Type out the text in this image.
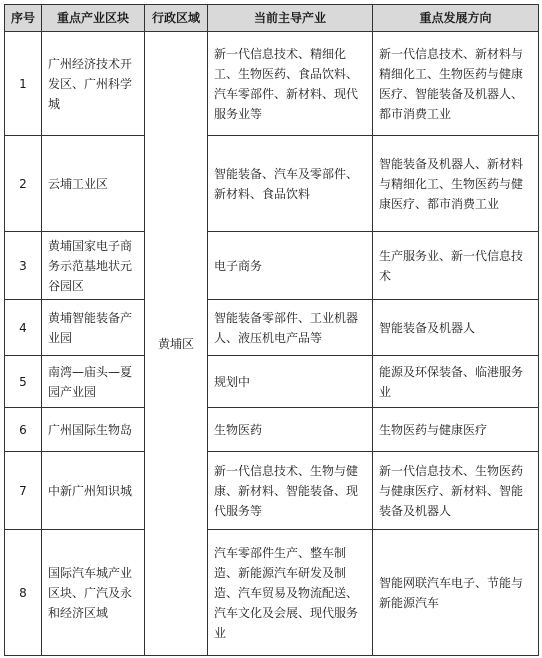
序号	重点产业区块	行政区域	当前主导产业	重点发展方向
1	广州经济技术开发区、广州科学城	黄埔区	新一代信息技术、精细化工、生物医药、食品饮料、汽车零部件、新材料、现代服务业等	新一代信息技术、新材料与精细化工、生物医药与健康医疗、智能装备及机器人、都市消费工业
2	云埔工业区		智能装备、汽车及零部件、新材料、食品饮料	智能装备及机器人、新材料与精细化工、生物医药与健康医疗、都市消费工业
3	黄埔国家电子商务示范基地状元谷园区		电子商务	生产服务业、新一代信息技术
4	黄埔智能装备产业园		智能装备零部件、工业机器人、液压机电产品等	智能装备及机器人
5	南湾—庙头—夏园产业园		规划中	能源及环保装备、临港服务业
6	广州国际生物岛		生物医药	生物医药与健康医疗
7	中新广州知识城		新一代信息技术、生物与健康、新材料、智能装备、现代服务等	新一代信息技术、生物医药与健康医疗、新材料、智能装备及机器人
8	国际汽车城产业区块、广汽及永和经济区域		汽车零部件生产、整车制造、新能源汽车研发及制造、汽车贸易及物流配送、汽车文化及会展、现代服务业	智能网联汽车电子、节能与新能源汽车
